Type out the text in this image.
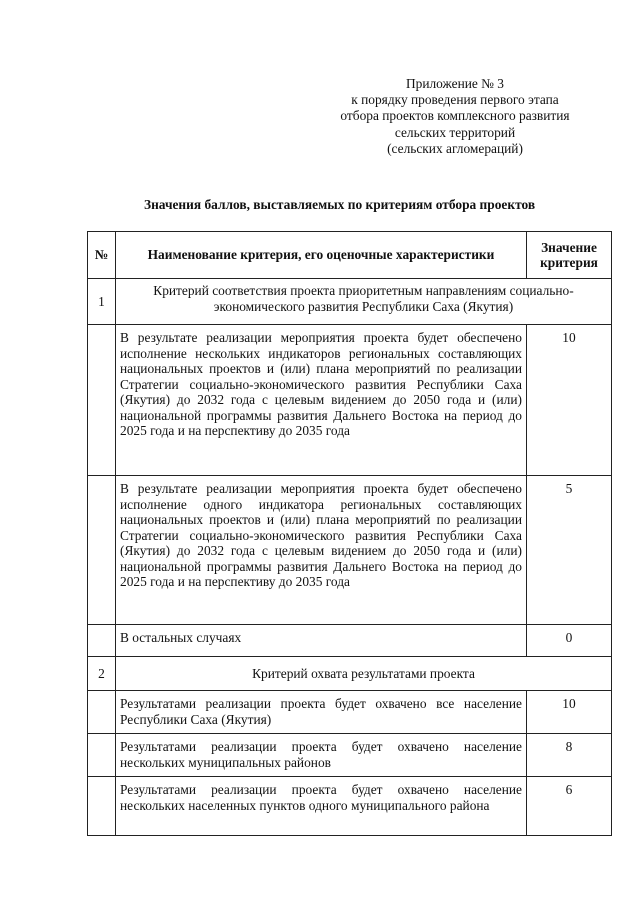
Приложение № 3
к порядку проведения первого этапа
отбора проектов комплексного развития
сельских территорий
(сельских агломераций)
Значения баллов, выставляемых по критериям отбора проектов
№	Наименование критерия, его оценочные характеристики	Значение
критерия
1	Критерий соответствия проекта приоритетным направлениям социально-экономического развития Республики Саха (Якутия)	
	В результате реализации мероприятия проекта будет обеспечено исполнение нескольких индикаторов региональных составляющих национальных проектов и (или) плана мероприятий по реализации Стратегии социально-экономического развития Республики Саха (Якутия) до 2032 года с целевым видением до 2050 года и (или) национальной программы развития Дальнего Востока на период до 2025 года и на перспективу до 2035 года	10
	В результате реализации мероприятия проекта будет обеспечено исполнение одного индикатора региональных составляющих национальных проектов и (или) плана мероприятий по реализации Стратегии социально-экономического развития Республики Саха (Якутия) до 2032 года с целевым видением до 2050 года и (или) национальной программы развития Дальнего Востока на период до 2025 года и на перспективу до 2035 года	5
	В остальных случаях	0
2	Критерий охвата результатами проекта	
	Результатами реализации проекта будет охвачено все население Республики Саха (Якутия)	10
	Результатами реализации проекта будет охвачено население нескольких муниципальных районов	8
	Результатами реализации проекта будет охвачено население нескольких населенных пунктов одного муниципального района	6
